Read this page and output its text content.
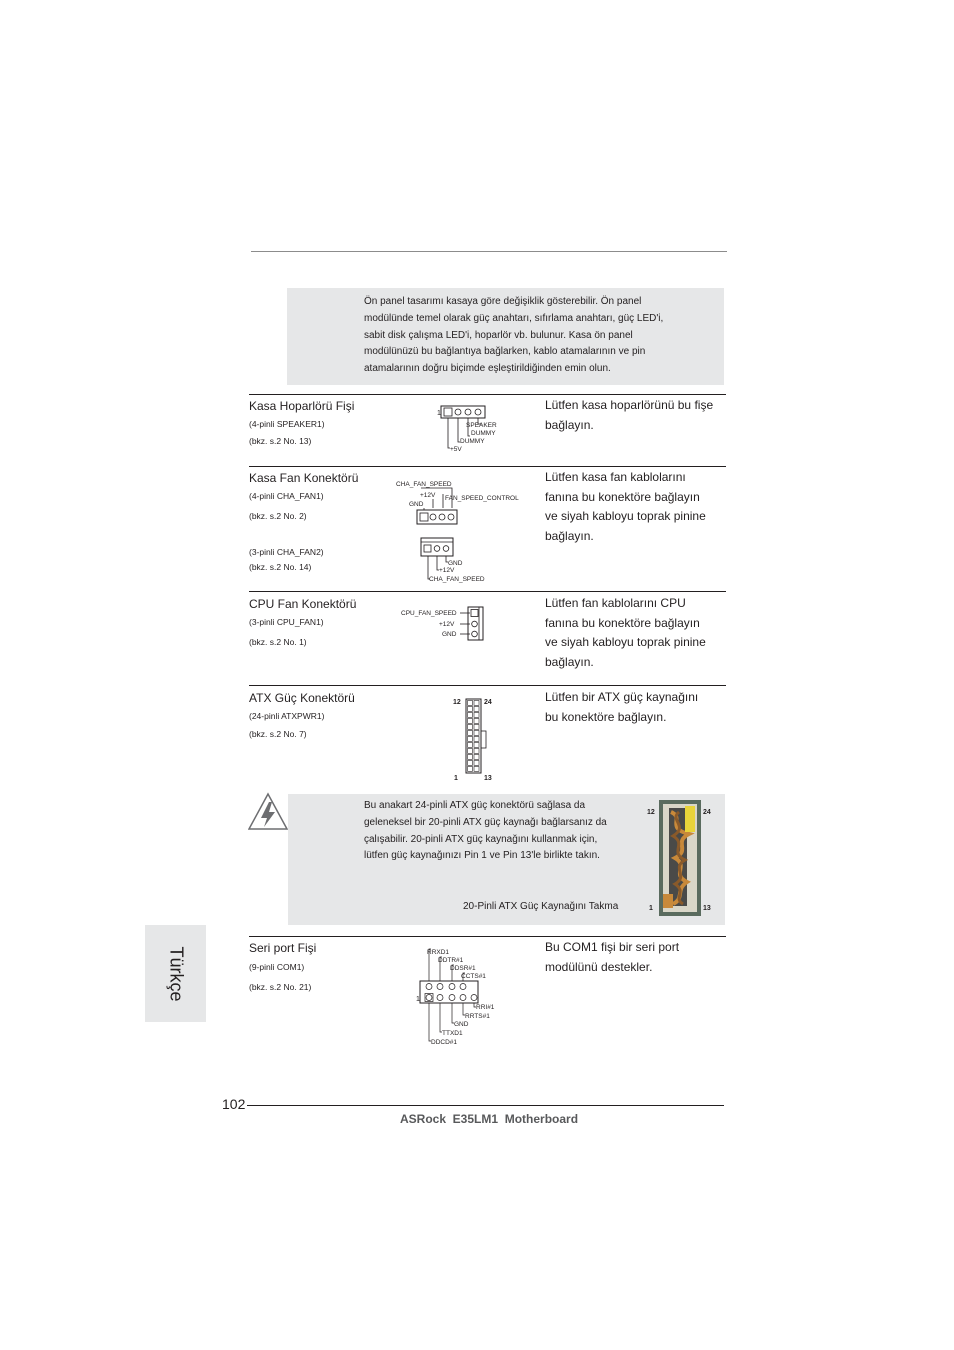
Ön panel tasarımı kasaya göre değişiklik gösterebilir. Ön panel
modülünde temel olarak güç anahtarı, sıfırlama anahtarı, güç LED'i,
sabit disk çalışma LED'i, hoparlör vb. bulunur. Kasa ön panel
modülünüzü bu bağlantıya bağlarken, kablo atamalarının ve pin
atamalarının doğru biçimde eşleştirildiğinden emin olun.
Kasa Hoparlörü Fişi
(4-pinli SPEAKER1)
(bkz. s.2 No. 13)
Lütfen kasa hoparlörünü bu fişe
bağlayın.
1
SPEAKER
DUMMY
DUMMY
+5V
Kasa Fan Konektörü
(4-pinli CHA_FAN1)
(bkz. s.2 No. 2)
(3-pinli CHA_FAN2)
(bkz. s.2 No. 14)
Lütfen kasa fan kablolarını
fanına bu konektöre bağlayın
ve siyah kabloyu toprak pinine
bağlayın.
CHA_FAN_SPEED
+12V
GND
FAN_SPEED_CONTROL
GND
+12V
CHA_FAN_SPEED
CPU Fan Konektörü
(3-pinli CPU_FAN1)
(bkz. s.2 No. 1)
Lütfen fan kablolarını CPU
fanına bu konektöre bağlayın
ve siyah kabloyu toprak pinine
bağlayın.
CPU_FAN_SPEED
+12V
GND
ATX Güç Konektörü
(24-pinli ATXPWR1)
(bkz. s.2 No. 7)
Lütfen bir ATX güç kaynağını
bu konektöre bağlayın.
12	24
1	13
Bu anakart 24-pinli ATX güç konektörü sağlasa da
geleneksel bir 20-pinli ATX güç kaynağı bağlarsanız da
çalışabilir. 20-pinli ATX güç kaynağını kullanmak için,
lütfen güç kaynağınızı Pin 1 ve Pin 13'le birlikte takın.
20-Pinli ATX Güç Kaynağını Takma
12	24
1	13
Seri port Fişi
(9-pinli COM1)
(bkz. s.2 No. 21)
Bu COM1 fişi bir seri port
modülünü destekler.
1
RRXD1
DDTR#1
DDSR#1
CCTS#1
RRI#1
RRTS#1
GND
TTXD1
DDCD#1
Türkçe
102
ASRock  E35LM1  Motherboard
